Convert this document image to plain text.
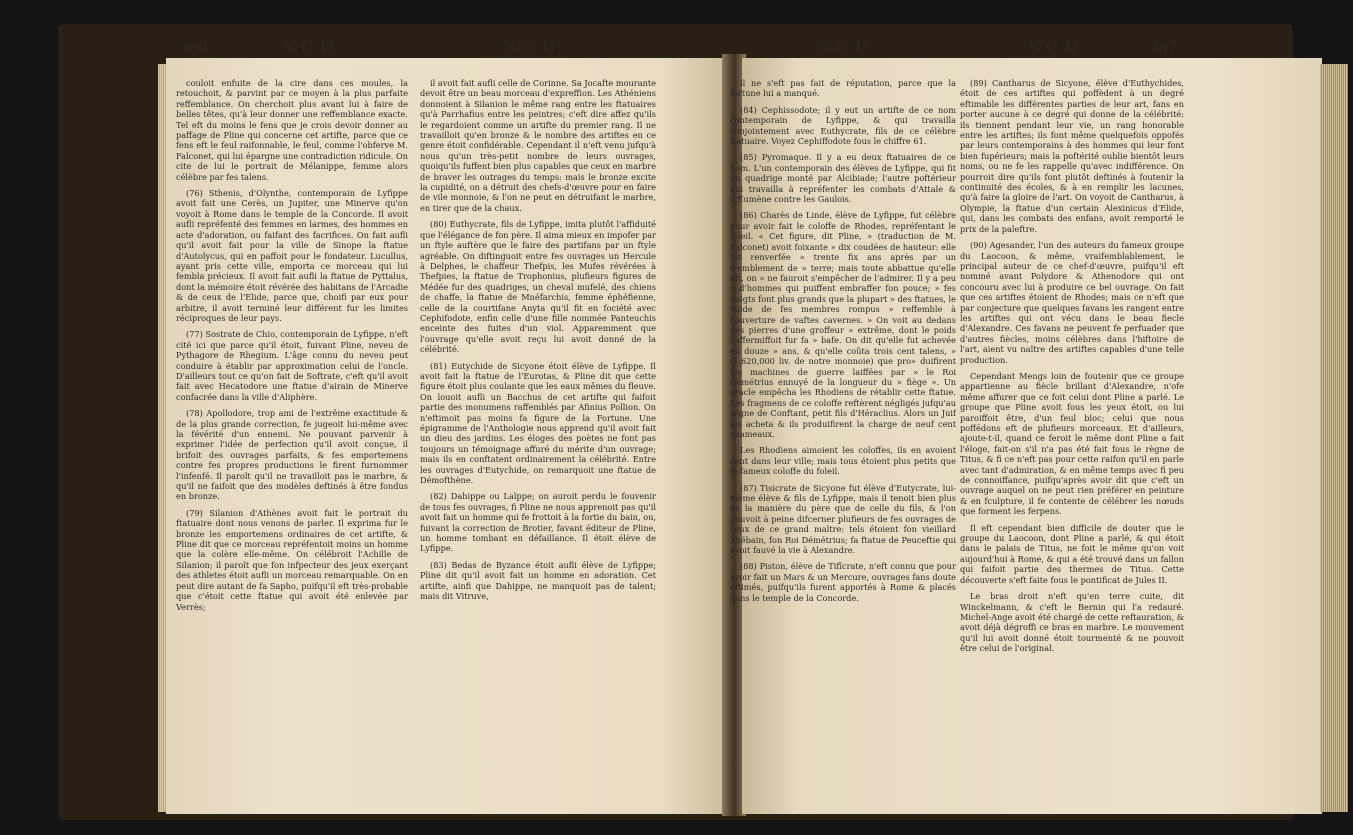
366	SCU	SCU	SCU	SCU	367

couloit enfuite de la cire dans ces moules, la retouchoit, & parvint par ce moyen à la plus parfaite reffemblance. On cherchoit plus avant lui à faire de belles têtes, qu'à leur donner une reffemblance exacte. Tel eft du moins le fens que je crois devoir donner au paffage de Pline qui concerne cet artifte, parce que ce fens eft le feul raifonnable, le feul, comme l'obferve M. Falconet, qui lui épargne une contradiction ridicule. On cite de lui le portrait de Mélanippe, femme alors célèbre par fes talens.

(76) Sthenis, d'Olynthe, contemporain de Lyfippe avoit fait une Cerès, un Jupiter, une Minerve qu'on voyoit à Rome dans le temple de la Concorde. Il avoit aufli repréfenté des femmes en larmes, des hommes en acte d'adoration, ou faifant des facrifices. On fait aufli qu'il avoit fait pour la ville de Sinope la ftatue d'Autolycus, qui en paffoit pour le fondateur. Lucullus, ayant pris cette ville, emporta ce morceau qui lui fembla précieux. Il avoit fait aufli la ftatue de Pyttalus, dont la mémoire étoit révérée des habitans de l'Arcadie & de ceux de l'Elide, parce que, choifi par eux pour arbitre, il avoit terminé leur différent fur les limites réciproques de leur pays.

(77) Sostrate de Chio, contemporain de Lyfippe, n'eft cité ici que parce qu'il étoit, fuivant Pline, neveu de Pythagore de Rhegium. L'âge connu du neveu peut conduire à établir par approximation celui de l'oncle. D'ailleurs tout ce qu'on fait de Softrate, c'eft qu'il avoit fait avec Hecatodore une ftatue d'airain de Minerve confacrée dans la ville d'Aliphère.

(78) Apollodore, trop ami de l'extrême exactitude & de la plus grande correction, fe jugeoit lui-même avec la févérité d'un ennemi. Ne pouvant parvenir à exprimer l'idée de perfection qu'il avoit conçue, il brifoit des ouvrages parfaits, & fes emportemens contre fes propres productions le firent furnommer l'infenfé. Il paroît qu'il ne travailloit pas le marbre, & qu'il ne faifoit que des modèles deftinés à être fondus en bronze.

(79) Silanion d'Athènes avoit fait le portrait du ftatuaire dont nous venons de parler. Il exprima fur le bronze les emportemens ordinaires de cet artifte, & Pline dit que ce morceau repréfentoit moins un homme que la colère elle-même. On célébroit l'Achille de Silanion; il paroît que fon infpecteur des jeux exerçant des athletes étoit aufli un morceau remarquable. On en peut dire autant de fa Sapho, puifqu'il eft très-probable que c'étoit cette ftatue qui avoit été enlevée par Verrès;

il avoit fait aufli celle de Corinne. Sa Jocafte mourante devoit être un beau morceau d'expreffion. Les Athéniens donnoient à Silanion le même rang entre les ftatuaires qu'à Parrhafius entre les peintres; c'eft dire affez qu'ils le regardoient comme un artifte du premier rang. Il ne travailloit qu'en bronze & le nombre des artiftes en ce genre étoit confidérable. Cependant il n'eft venu jufqu'à nous qu'un très-petit nombre de leurs ouvrages, quoiqu'ils fuffent bien plus capables que ceux en marbre de braver les outrages du temps: mais le bronze excite la cupidité, on a détruit des chefs-d'œuvre pour en faire de vile monnoie, & l'on ne peut en détruifant le marbre, en tirer que de la chaux.

(80) Euthycrate, fils de Lyfippe, imita plutôt l'affiduité que l'élégance de fon père. Il aima mieux en impofer par un ftyle auftère que le faire des partifans par un ftyle agréable. On diftinguoit entre fes ouvrages un Hercule à Delphes, le chaffeur Thefpis, les Mufes révérées à Thefpies, la ftatue de Trophonius, plufieurs figures de Médée fur des quadriges, un cheval mufelé, des chiens de chaffe, la ftatue de Mnéfarchis, femme éphéfienne, celle de la courtifane Anyta qu'il fit en fociété avec Cephifodote, enfin celle d'une fille nommée Panteuchis enceinte des fuites d'un viol. Apparemment que l'ouvrage qu'elle avoit reçu lui avoit donné de la célébrité.

(81) Eutychide de Sicyone étoit élève de Lyfippe. Il avoit fait la ftatue de l'Eurotas, & Pline dit que cette figure étoit plus coulante que les eaux mêmes du fleuve. On louoit aufli un Bacchus de cet artifte qui faifoit partie des monumens raffemblés par Afinius Pollion. On n'eftimoit pas moins fa figure de la Fortune. Une épigramme de l'Anthologie nous apprend qu'il avoit fait un dieu des jardins. Les éloges des poètes ne font pas toujours un témoignage affuré du mérite d'un ouvrage; mais ils en conftatent ordinairement la célébrité. Entre les ouvrages d'Eutychide, on remarquoit une ftatue de Démofthène.

(82) Dahippe ou Laïppe; on auroit perdu le fouvenir de tous fes ouvrages, fi Pline ne nous apprenoit pas qu'il avoit fait un homme qui fe frottoit à la fortie du bain, ou, fuivant la correction de Brotier, favant éditeur de Pline, un homme tombant en défaillance. Il étoit élève de Lyfippe.

(83) Bedas de Byzance étoit aufli élève de Lyfippe; Pline dit qu'il avoit fait un homme en adoration. Cet artifte, ainfi que Dahippe, ne manquoit pas de talent; mais dit Vitruve,

il ne s'eft pas fait de réputation, parce que la fortune lui a manqué.

(84) Cephissodote; il y eut un artifte de ce nom contemporain de Lyfippe, & qui travailla conjointement avec Euthycrate, fils de ce célèbre ftatuaire. Voyez Cephiffodote fous le chiffre 61.

(85) Pyromaque. Il y a eu deux ftatuaires de ce nom. L'un contemporain des élèves de Lyfippe, qui fit un quadrige monté par Alcibiade; l'autre poftérieur qui travailla à repréfenter les combats d'Attale & d'Eumène contre les Gaulois.

(86) Charès de Linde, élève de Lyfippe, fut célèbre pour avoir fait le coloffe de Rhodes, repréfentant le foleil. « Cet figure, dit Pline, » (traduction de M. Falconet) avoit foixante » dix coudées de hauteur: elle fut renverfée » trente fix ans après par un tremblement de » terre; mais toute abbattue qu'elle eft, on » ne fauroit s'empêcher de l'admirer. Il y a peu » d'hommes qui puiffent embraffer fon pouce; » fes doigts font plus grands que la plupart » des ftatues, le vuide de fes membres rompus » reffemble à l'ouverture de vaftes cavernes. » On voit au dedans des pierres d'une groffeur » extrême, dont le poids l'affermiffoit fur fa » bafe. On dit qu'elle fut achevée en douze » ans, & qu'elle coûta trois cent talens, » (1,620,000 liv. de notre monnoie) que pro» duifirent les machines de guerre laiffées par » le Roi Démétrius ennuyé de la longueur du » fiège ». Un oracle empêcha les Rhodiens de rétablir cette ftatue. Les fragmens de ce coloffe reftèrent négligés jufqu'au règne de Conftant, petit fils d'Héraclius. Alors un Juif les acheta & ils produifirent la charge de neuf cent chameaux.

Les Rhodiens aimoient les coloffes, ils en avoient cent dans leur ville; mais tous étoient plus petits que le fameux coloffe du foleil.

(87) Tisicrate de Sicyone fut élève d'Eutycrate, lui-même élève & fils de Lyfippe, mais il tenoit bien plus de la manière du père que de celle du fils, & l'on pouvoit à peine difcerner plufieurs de fes ouvrages de ceux de ce grand maître: tels étoient fon vieillard Thébain, fon Roi Démétrius; fa ftatue de Peuceftie qui avoit fauvé la vie à Alexandre.

(88) Piston, élève de Tifîcrate, n'eft connu que pour avoir fait un Mars & un Mercure, ouvrages fans doute eftimés, puifqu'ils furent apportés à Rome & placés dans le temple de la Concorde.

(89) Cantharus de Sicyone, élève d'Euthychides, étoit de ces artiftes qui poffèdent à un degré eftimable les différentes parties de leur art, fans en porter aucune à ce degré qui donne de la célébrité: ils tiennent pendant leur vie, un rang honorable entre les artiftes; ils font même quelquefois oppofés par leurs contemporains à des hommes qui leur font bien fupérieurs; mais la poftérité oublie bientôt leurs noms, ou ne fe les rappelle qu'avec indifférence. On pourroit dire qu'ils font plutôt deftinés à foutenir la continuité des écoles, & à en remplir les lacunes, qu'à faire la gloire de l'art. On voyoit de Cantharus, à Olympie, la ftatue d'un certain Alexinicus d'Elide, qui, dans les combats des enfans, avoit remporté le prix de la paleftre.

(90) Agesander, l'un des auteurs du fameux groupe du Laocoon, & même, vraifemblablement, le principal auteur de ce chef-d'œuvre, puifqu'il eft nommé avant Polydore & Athenodore qui ont concouru avec lui à produire ce bel ouvrage. On fait que ces artiftes étoient de Rhodes; mais ce n'eft que par conjecture que quelques favans les rangent entre les artiftes qui ont vécu dans le beau fiecle d'Alexandre. Ces favans ne peuvent fe perfuader que d'autres fiècles, moins célèbres dans l'hiftoire de l'art, aient vu naître des artiftes capables d'une telle production.

Cependant Mengs loin de foutenir que ce groupe appartienne au fiècle brillant d'Alexandre, n'ofe même affurer que ce foit celui dont Pline a parlé. Le groupe que Pline avoit fous les yeux étoit, ou lui paroiffoit être, d'un feul bloc; celui que nous poffédons eft de plufieurs morceaux. Et d'ailleurs, ajoute-t-il, quand ce feroit le même dont Pline a fait l'éloge, fait-on s'il n'a pas été fait fous le règne de Titus, & fi ce n'eft pas pour cette raifon qu'il en parle avec tant d'admiration, & en même temps avec fi peu de connoiffance, puifqu'après avoir dit que c'eft un ouvrage auquel on ne peut rien préférer en peinture & en fculpture, il fe contente de célébrer les nœuds que forment les ferpens.

Il eft cependant bien difficile de douter que le groupe du Laocoon, dont Pline a parlé, & qui étoit dans le palais de Titus, ne foit le même qu'on voit aujourd'hui à Rome, & qui a été trouvé dans un fallon qui faifoit partie des thermes de Titus. Cette découverte s'eft faite fous le pontificat de Jules II.

Le bras droit n'eft qu'en terre cuite, dit Winckelmann, & c'eft le Bernin qui l'a redauré. Michel-Ange avoit été chargé de cette reftauration, & avoit déjà dégroffi ce bras en marbre. Le mouvement qu'il lui avoit donné étoit tourmenté & ne pouvoit être celui de l'original.
